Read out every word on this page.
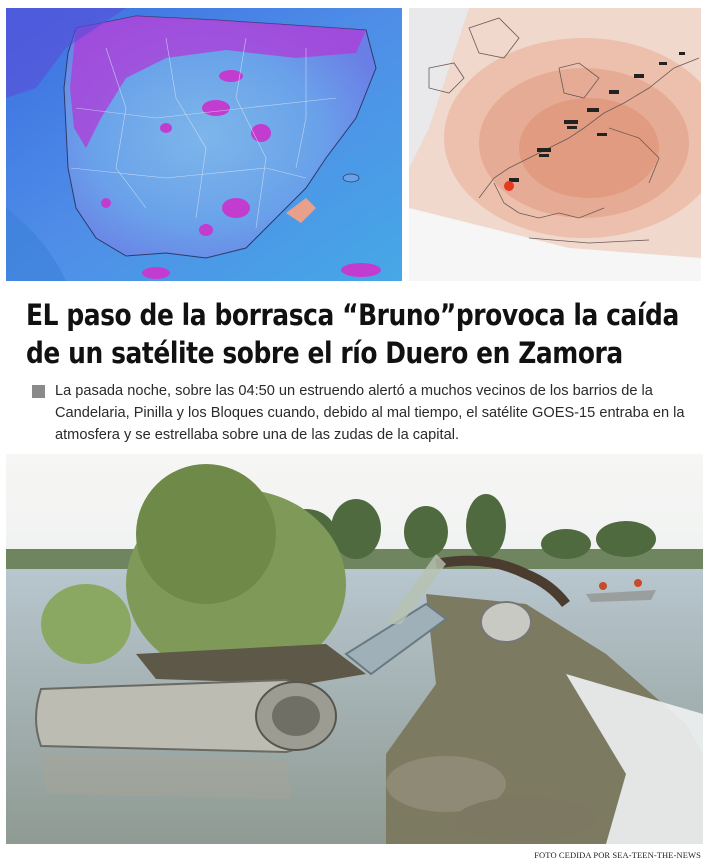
EL paso de la borrasca “Bruno”provoca la caída
de un satélite sobre el río Duero en Zamora

La pasada noche, sobre las 04:50 un estruendo alertó a muchos vecinos de los barrios de la Candelaria, Pinilla y los Bloques cuando, debido al mal tiempo, el satélite GOES-15 entraba en la atmosfera y se estrellaba sobre una de las zudas de la capital.

FOTO CEDIDA POR SEA-TEEN-THE-NEWS
